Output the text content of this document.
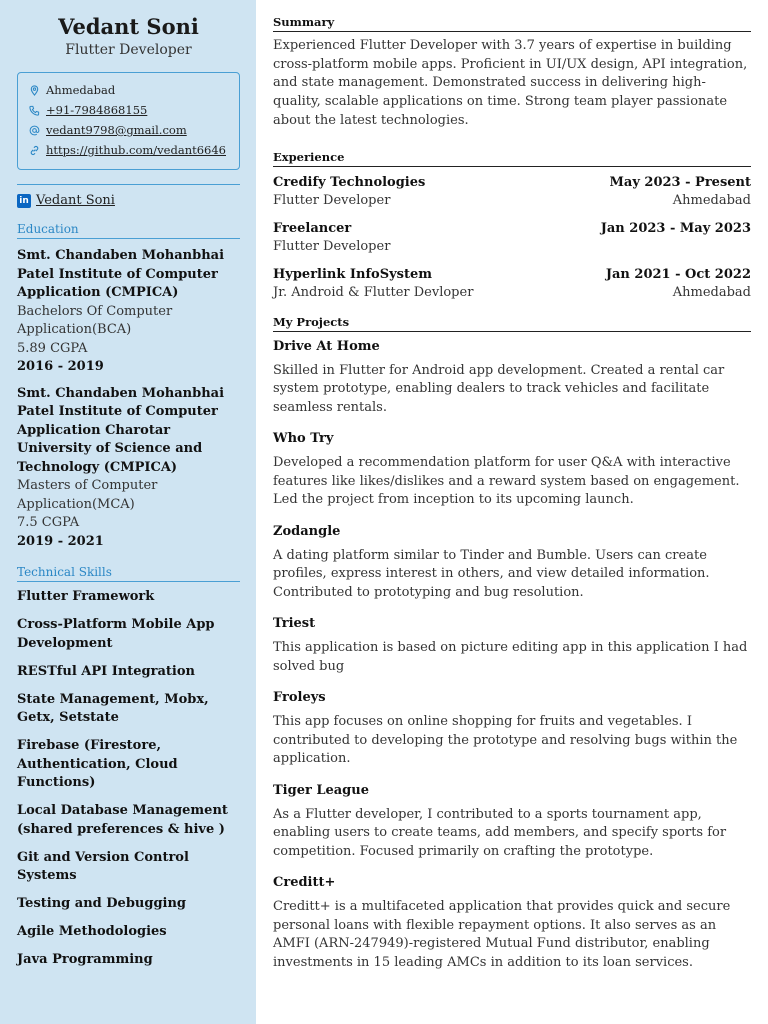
Vedant Soni
Flutter Developer
Ahmedabad
+91-7984868155
vedant9798@gmail.com
https://github.com/vedant6646
in Vedant Soni
Education
Smt. Chandaben Mohanbhai Patel Institute of Computer Application (CMPICA)
Bachelors Of Computer Application(BCA)
5.89 CGPA
2016 - 2019
Smt. Chandaben Mohanbhai Patel Institute of Computer Application Charotar University of Science and Technology (CMPICA)
Masters of Computer Application(MCA)
7.5 CGPA
2019 - 2021
Technical Skills
Flutter Framework
Cross-Platform Mobile App Development
RESTful API Integration
State Management, Mobx, Getx, Setstate
Firebase (Firestore, Authentication, Cloud Functions)
Local Database Management (shared preferences & hive )
Git and Version Control Systems
Testing and Debugging
Agile Methodologies
Java Programming
Summary
Experienced Flutter Developer with 3.7 years of expertise in building cross-platform mobile apps. Proficient in UI/UX design, API integration, and state management. Demonstrated success in delivering high-quality, scalable applications on time. Strong team player passionate about the latest technologies.
Experience
Credify Technologies	May 2023 - Present
Flutter Developer	Ahmedabad
Freelancer	Jan 2023 - May 2023
Flutter Developer
Hyperlink InfoSystem	Jan 2021 - Oct 2022
Jr. Android & Flutter Devloper	Ahmedabad
My Projects
Drive At Home
Skilled in Flutter for Android app development. Created a rental car system prototype, enabling dealers to track vehicles and facilitate seamless rentals.
Who Try
Developed a recommendation platform for user Q&A with interactive features like likes/dislikes and a reward system based on engagement. Led the project from inception to its upcoming launch.
Zodangle
A dating platform similar to Tinder and Bumble. Users can create profiles, express interest in others, and view detailed information. Contributed to prototyping and bug resolution.
Triest
This application is based on picture editing app in this application I had solved bug
Froleys
This app focuses on online shopping for fruits and vegetables. I contributed to developing the prototype and resolving bugs within the application.
Tiger League
As a Flutter developer, I contributed to a sports tournament app, enabling users to create teams, add members, and specify sports for competition. Focused primarily on crafting the prototype.
Creditt+
Creditt+ is a multifaceted application that provides quick and secure personal loans with flexible repayment options. It also serves as an AMFI (ARN-247949)-registered Mutual Fund distributor, enabling investments in 15 leading AMCs in addition to its loan services.
